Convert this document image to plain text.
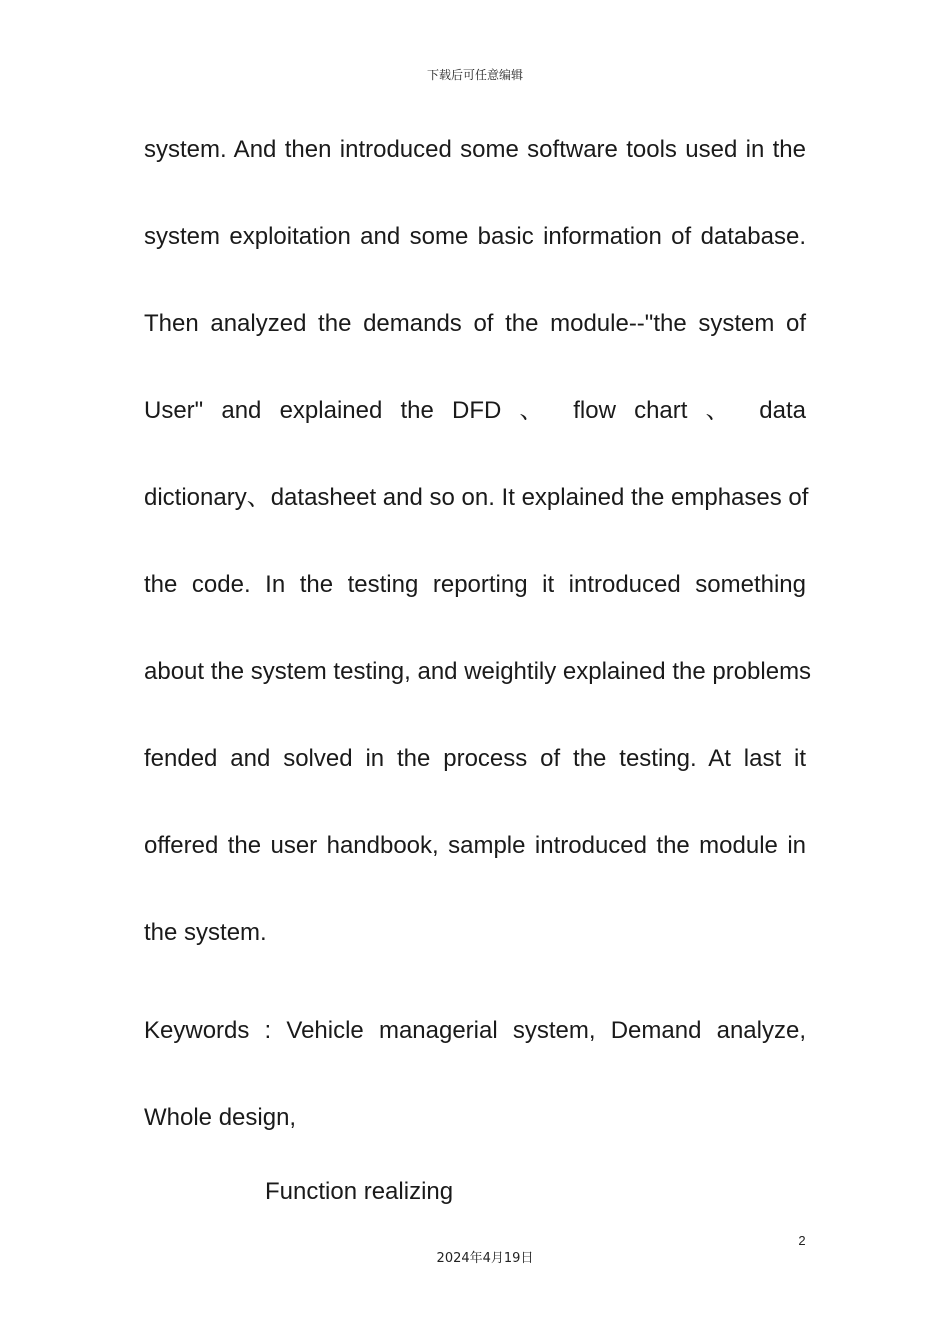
下载后可任意编辑
system. And then introduced some software tools used in the
system exploitation and some basic information of database.
Then analyzed the demands of the module--"the system of
User" and explained the DFD 、 flow chart 、 data
dictionary、datasheet and so on. It explained the emphases of
the code. In the testing reporting it introduced something
about the system testing, and weightily explained the problems
fended and solved in the process of the testing. At last it
offered the user handbook, sample introduced the module in
the system.
Keywords : Vehicle managerial system, Demand analyze,
Whole design,
Function realizing
2
2024年4月19日
